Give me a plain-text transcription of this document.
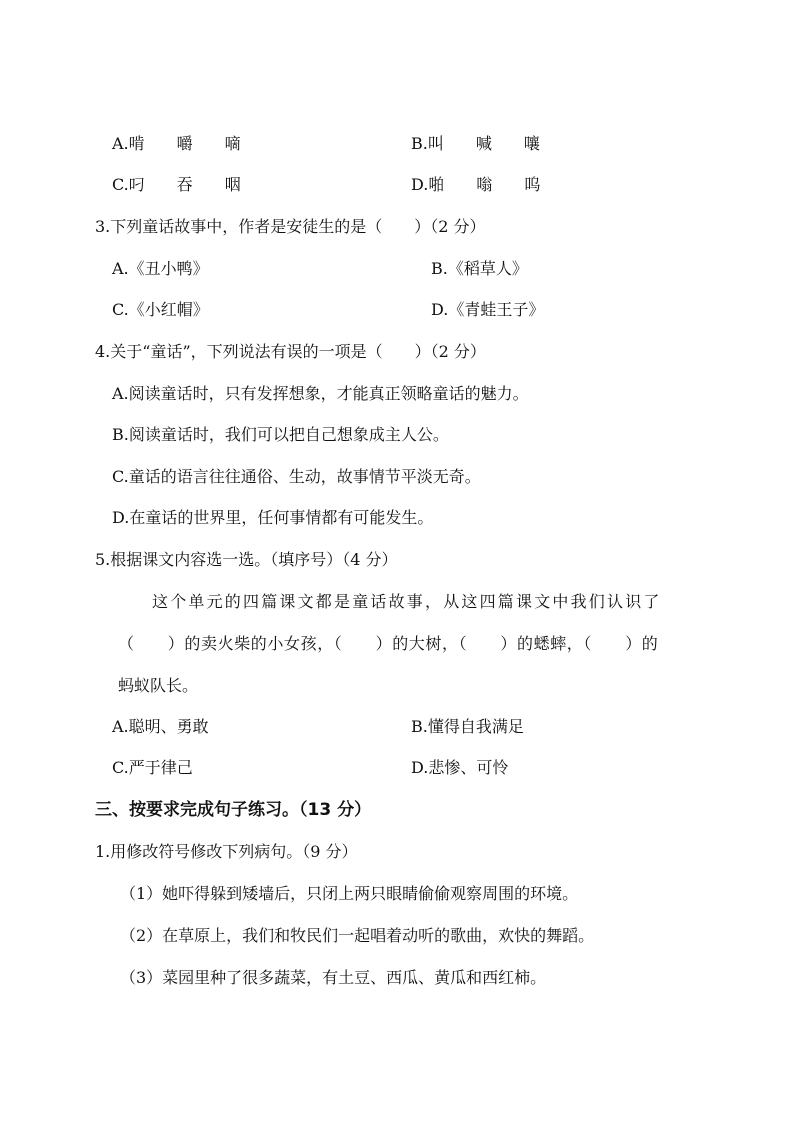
A.啃　　嚼　　嘀	B.叫　　喊　　嚷
C.叼　　吞　　咽	D.啪　　嗡　　呜
3.下列童话故事中，作者是安徒生的是（　　）（2 分）
A.《丑小鸭》	B.《稻草人》
C.《小红帽》	D.《青蛙王子》
4.关于“童话”，下列说法有误的一项是（　　）（2 分）
A.阅读童话时，只有发挥想象，才能真正领略童话的魅力。
B.阅读童话时，我们可以把自己想象成主人公。
C.童话的语言往往通俗、生动，故事情节平淡无奇。
D.在童话的世界里，任何事情都有可能发生。
5.根据课文内容选一选。（填序号）（4 分）
这个单元的四篇课文都是童话故事，从这四篇课文中我们认识了
（　　）的卖火柴的小女孩，（　　）的大树，（　　）的蟋蟀，（　　）的
蚂蚁队长。
A.聪明、勇敢	B.懂得自我满足
C.严于律己	D.悲惨、可怜
三、按要求完成句子练习。（13 分）
1.用修改符号修改下列病句。（9 分）
（1）她吓得躲到矮墙后，只闭上两只眼睛偷偷观察周围的环境。
（2）在草原上，我们和牧民们一起唱着动听的歌曲，欢快的舞蹈。
（3）菜园里种了很多蔬菜，有土豆、西瓜、黄瓜和西红柿。
